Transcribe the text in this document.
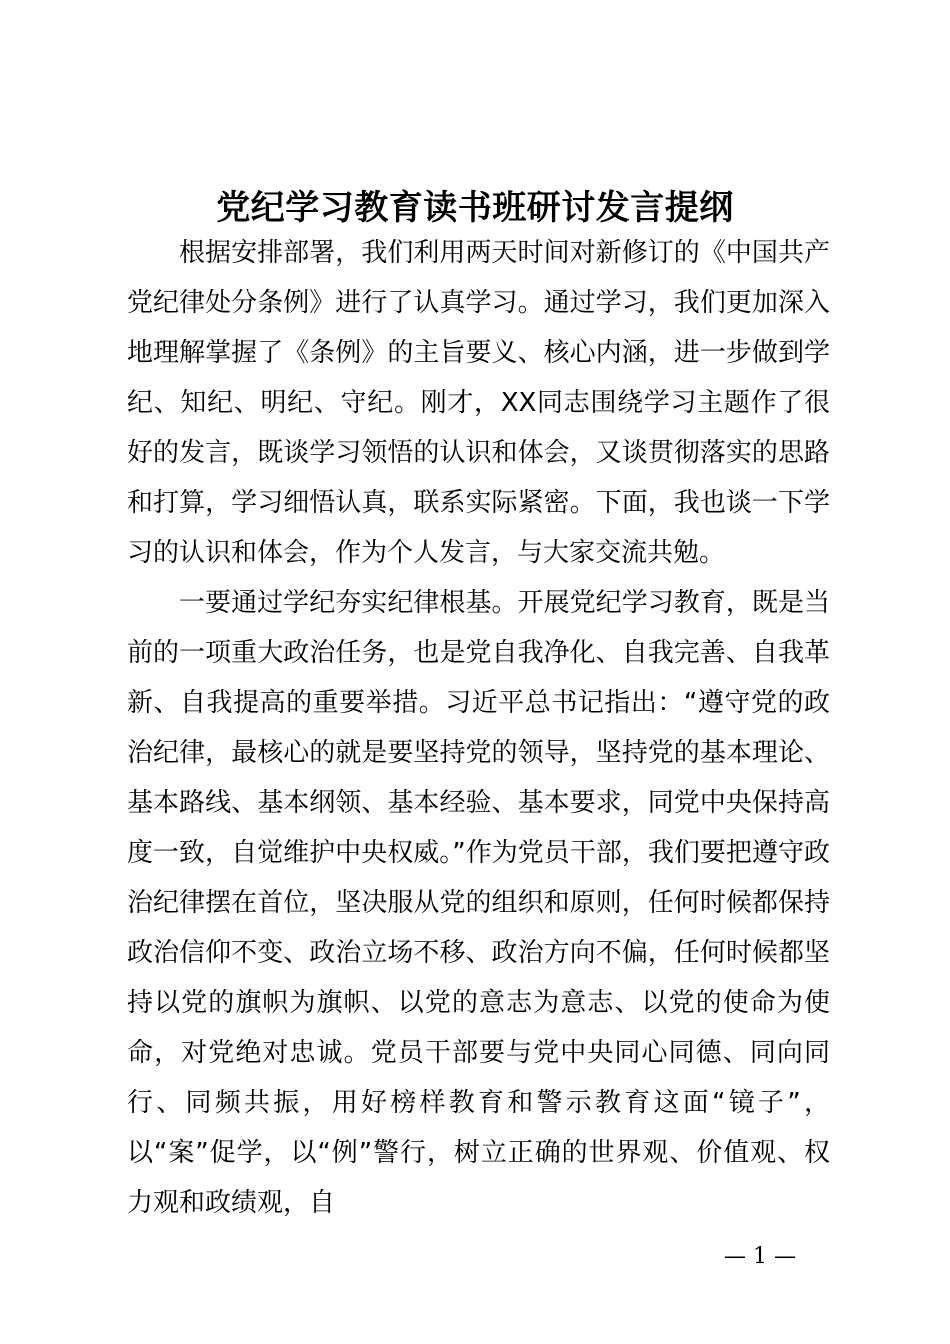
党纪学习教育读书班研讨发言提纲

根据安排部署，我们利用两天时间对新修订的《中国共产党纪律处分条例》进行了认真学习。通过学习，我们更加深入地理解掌握了《条例》的主旨要义、核心内涵，进一步做到学纪、知纪、明纪、守纪。刚才，XX同志围绕学习主题作了很好的发言，既谈学习领悟的认识和体会，又谈贯彻落实的思路和打算，学习细悟认真，联系实际紧密。下面，我也谈一下学习的认识和体会，作为个人发言，与大家交流共勉。

一要通过学纪夯实纪律根基。开展党纪学习教育，既是当前的一项重大政治任务，也是党自我净化、自我完善、自我革新、自我提高的重要举措。习近平总书记指出：“遵守党的政治纪律，最核心的就是要坚持党的领导，坚持党的基本理论、基本路线、基本纲领、基本经验、基本要求，同党中央保持高度一致，自觉维护中央权威。”作为党员干部，我们要把遵守政治纪律摆在首位，坚决服从党的组织和原则，任何时候都保持政治信仰不变、政治立场不移、政治方向不偏，任何时候都坚持以党的旗帜为旗帜、以党的意志为意志、以党的使命为使命，对党绝对忠诚。党员干部要与党中央同心同德、同向同行、同频共振，用好榜样教育和警示教育这面“镜子”，以“案”促学，以“例”警行，树立正确的世界观、价值观、权力观和政绩观，自

— 1 —
